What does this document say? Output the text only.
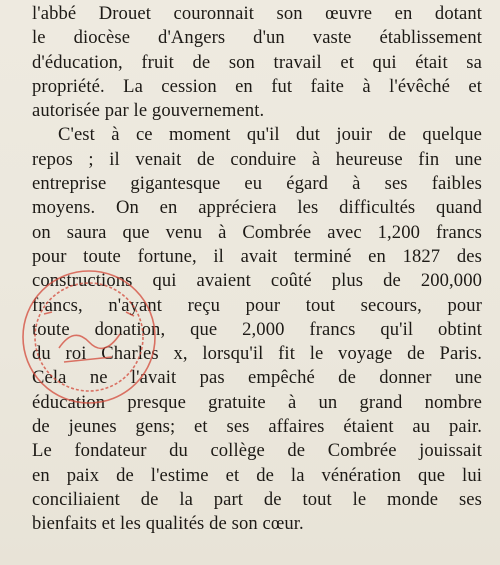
l'abbé Drouet couronnait son œuvre en dotant
le diocèse d'Angers d'un vaste établissement
d'éducation, fruit de son travail et qui était sa
propriété. La cession en fut faite à l'évêché et
autorisée par le gouvernement.
C'est à ce moment qu'il dut jouir de quelque
repos ; il venait de conduire à heureuse fin une
entreprise gigantesque eu égard à ses faibles
moyens. On en appréciera les difficultés quand
on saura que venu à Combrée avec 1,200 francs
pour toute fortune, il avait terminé en 1827 des
constructions qui avaient coûté plus de 200,000
francs, n'ayant reçu pour tout secours, pour
toute donation, que 2,000 francs qu'il obtint
du roi Charles x, lorsqu'il fit le voyage de Paris.
Cela ne l'avait pas empêché de donner une
éducation presque gratuite à un grand nombre
de jeunes gens; et ses affaires étaient au pair.
Le fondateur du collège de Combrée jouissait
en paix de l'estime et de la vénération que lui
conciliaient de la part de tout le monde ses
bienfaits et les qualités de son cœur.
